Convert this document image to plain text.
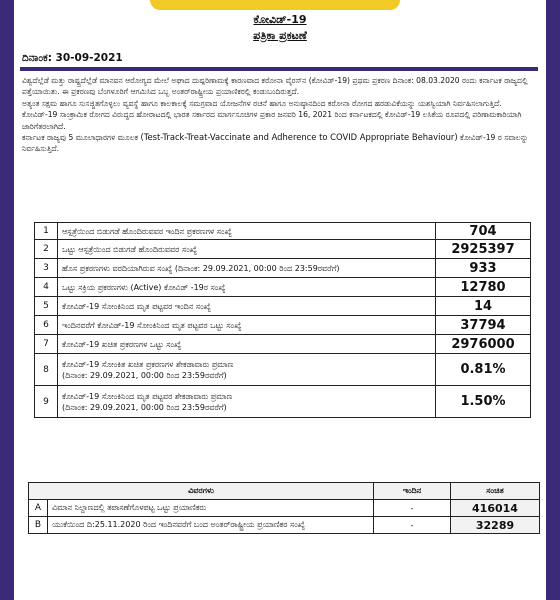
ಕೋವಿಡ್-19
ಪತ್ರಿಕಾ ಪ್ರಕಟಣೆ
ದಿನಾಂಕ: 30-09-2021

ವಿಶ್ವದೆಲ್ಲೆಡೆ ಮತ್ತು ರಾಷ್ಟ್ರದೆಲ್ಲೆಡೆ ಮಾನವನ ಆರೋಗ್ಯದ ಮೇಲೆ ಅಘಾದ ದುಷ್ಪರಿಣಾಮಕ್ಕೆ ಕಾರಣವಾದ ಕರೋನಾ ವೈರಸ್‌ನ (ಕೋವಿಡ್-19) ಪ್ರಥಮ ಪ್ರಕರಣ ದಿನಾಂಕ: 08.03.2020 ರಂದು ಕರ್ನಾಟಕ ರಾಜ್ಯದಲ್ಲಿ ಪತ್ತೆಯಾಯಿತು. ಈ ಪ್ರಕರಣವು ಬೆಂಗಳೂರಿಗೆ ಆಗಮಿಸಿದ ಒಬ್ಬ ಅಂತರ್‌ರಾಷ್ಟ್ರೀಯ ಪ್ರಯಾಣಿಕರಲ್ಲಿ ಕಂಡುಬಂದಿರುತ್ತದೆ.

ಅತ್ಯಂತ ಸಕ್ಷಮ ಹಾಗೂ ಸುಸಜ್ಜಿತಗೊಳ್ಳಲು ವ್ಯವಸ್ಥೆ ಹಾಗೂ ಕಾಲಕಾಲಕ್ಕೆ ಸಮಗ್ರವಾದ ಯೋಜನೆಗಳ ರಚನೆ ಹಾಗೂ ಅನುಷ್ಠಾನದಿಂದ ಕರೋನಾ ರೋಗದ ಹರಡುವಿಕೆಯನ್ನು ಯಶಸ್ವಿಯಾಗಿ ನಿರ್ವಹಿಸಲಾಗುತ್ತಿದೆ.

ಕೋವಿಡ್-19 ಸಾಂಕ್ರಾಮಿಕ ರೋಗದ ವಿರುದ್ಧದ ಹೋರಾಟದಲ್ಲಿ ಭಾರತ ಸರ್ಕಾರದ ಮಾರ್ಗಸೂಚಿಗಳ ಪ್ರಕಾರ ಜನವರಿ 16, 2021 ರಿಂದ ಕರ್ನಾಟಕದಲ್ಲಿ ಕೋವಿಡ್-19 ಲಸಿಕೆಯ ರೂಪದಲ್ಲಿ ಪರಿಣಾಮಕಾರಿಯಾಗಿ ಜಾರಿಗೆತರಲಾಗಿದೆ.

ಕರ್ನಾಟಕ ರಾಜ್ಯವು 5 ಮೂಲಾಧಾರಗಳ ಮೂಲಕ (Test-Track-Treat-Vaccinate and Adherence to COVID Appropriate Behaviour) ಕೋವಿಡ್-19 ರ ಸವಾಲನ್ನು ನಿರ್ವಹಿಸುತ್ತಿದೆ.

1	ಆಸ್ಪತ್ರೆಯಿಂದ ಬಿಡುಗಡೆ ಹೊಂದಿರುವವರ ಇಂದಿನ ಪ್ರಕರಣಗಳ ಸಂಖ್ಯೆ	704
2	ಒಟ್ಟು ಆಸ್ಪತ್ರೆಯಿಂದ ಬಿಡುಗಡೆ ಹೊಂದಿರುವವರ ಸಂಖ್ಯೆ	2925397
3	ಹೊಸ ಪ್ರಕರಣಗಳು ವರದಿಯಾಗಿರುವ ಸಂಖ್ಯೆ (ದಿನಾಂಕ: 29.09.2021, 00:00 ರಿಂದ 23:59ರವರೆಗೆ)	933
4	ಒಟ್ಟು ಸಕ್ರಿಯ ಪ್ರಕರಣಗಳು (Active) ಕೋವಿಡ್ -19ರ ಸಂಖ್ಯೆ	12780
5	ಕೋವಿಡ್-19 ಸೋಂಕಿನಿಂದ ಮೃತ ಪಟ್ಟವರ ಇಂದಿನ ಸಂಖ್ಯೆ	14
6	ಇಂದಿನವರೆಗೆ ಕೋವಿಡ್-19 ಸೋಂಕಿನಿಂದ ಮೃತ ಪಟ್ಟವರ ಒಟ್ಟು ಸಂಖ್ಯೆ	37794
7	ಕೋವಿಡ್-19 ಖಚಿತ ಪ್ರಕರಣಗಳ ಒಟ್ಟು ಸಂಖ್ಯೆ	2976000
8	ಕೋವಿಡ್-19 ಸೋಂಕಿತ ಖಚಿತ ಪ್ರಕರಣಗಳ ಶೇಕಡಾವಾರು ಪ್ರಮಾಣ
(ದಿನಾಂಕ: 29.09.2021, 00:00 ರಿಂದ 23:59ರವರೆಗೆ)	0.81%
9	ಕೋವಿಡ್-19 ಸೋಂಕಿನಿಂದ ಮೃತ ಪಟ್ಟವರ ಶೇಕಡಾವಾರು ಪ್ರಮಾಣ
(ದಿನಾಂಕ: 29.09.2021, 00:00 ರಿಂದ 23:59ರವರೆಗೆ)	1.50%
ವಿವರಗಳು		ಇಂದಿನ	ಸಂಚಿತ
A	ವಿಮಾನ ನಿಲ್ದಾಣದಲ್ಲಿ ತಪಾಸಣೆಗೊಳಪಟ್ಟ ಒಟ್ಟು ಪ್ರಯಾಣಿಕರು	-	416014
B	ಯುಕೆಯಿಂದ ದಿ:25.11.2020 ರಿಂದ ಇಂದಿನವರೆಗೆ ಬಂದ ಅಂತರ್‌ರಾಷ್ಟ್ರೀಯ ಪ್ರಯಾಣಿಕರ ಸಂಖ್ಯೆ	-	32289
